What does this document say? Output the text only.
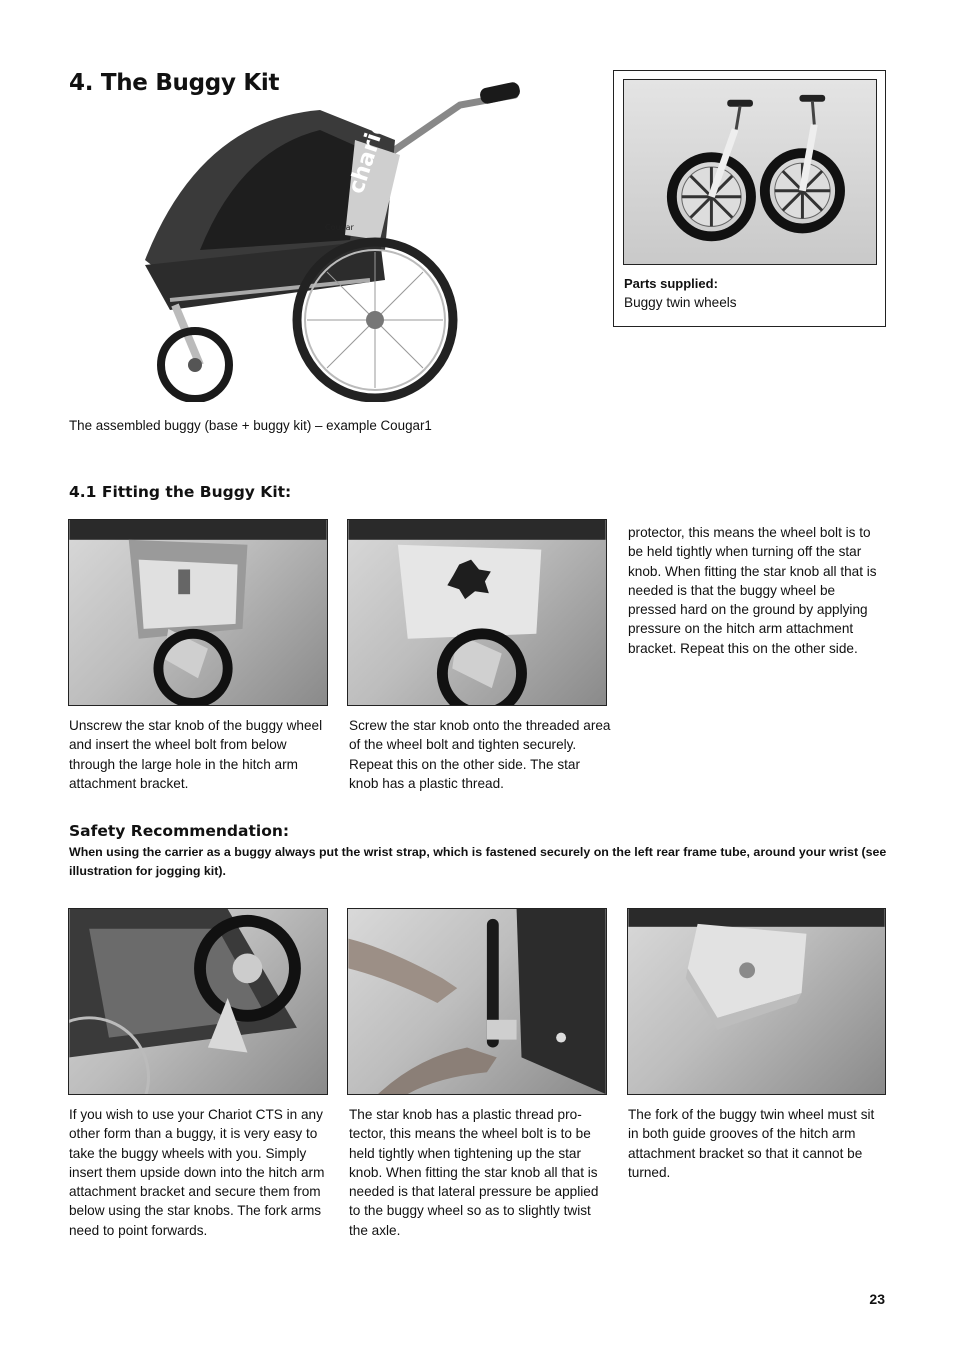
4. The Buggy Kit
chariot
Cougar
The assembled buggy (base + buggy kit) – example Cougar1
Parts supplied:
Buggy twin wheels
4.1 Fitting the Buggy Kit:
Unscrew the star knob of the buggy wheel and insert the wheel bolt from below through the large hole in the hitch arm attachment bracket.
Screw the star knob onto the threaded area of the wheel bolt and tighten securely. Repeat this on the other side. The star knob has a plastic thread.
protector, this means the wheel bolt is to be held tightly when turning off the star knob. When fitting the star knob all that is needed is that the buggy wheel be pressed hard on the ground by applying pressure on the hitch arm attachment bracket. Repeat this on the other side.
Safety Recommendation:
When using the carrier as a buggy always put the wrist strap, which is fastened securely on the left rear frame tube, around your wrist (see illustration for jogging kit).
If you wish to use your Chariot CTS in any other form than a buggy, it is very easy to take the buggy wheels with you. Simply insert them upside down into the hitch arm attachment bracket and secure them from below using the star knobs. The fork arms need to point forwards.
The star knob has a plastic thread protector, this means the wheel bolt is to be held tightly when tightening up the star knob. When fitting the star knob all that is needed is that lateral pressure be applied to the buggy wheel so as to slightly twist the axle.
The fork of the buggy twin wheel must sit in both guide grooves of the hitch arm attachment bracket so that it cannot be turned.
23
